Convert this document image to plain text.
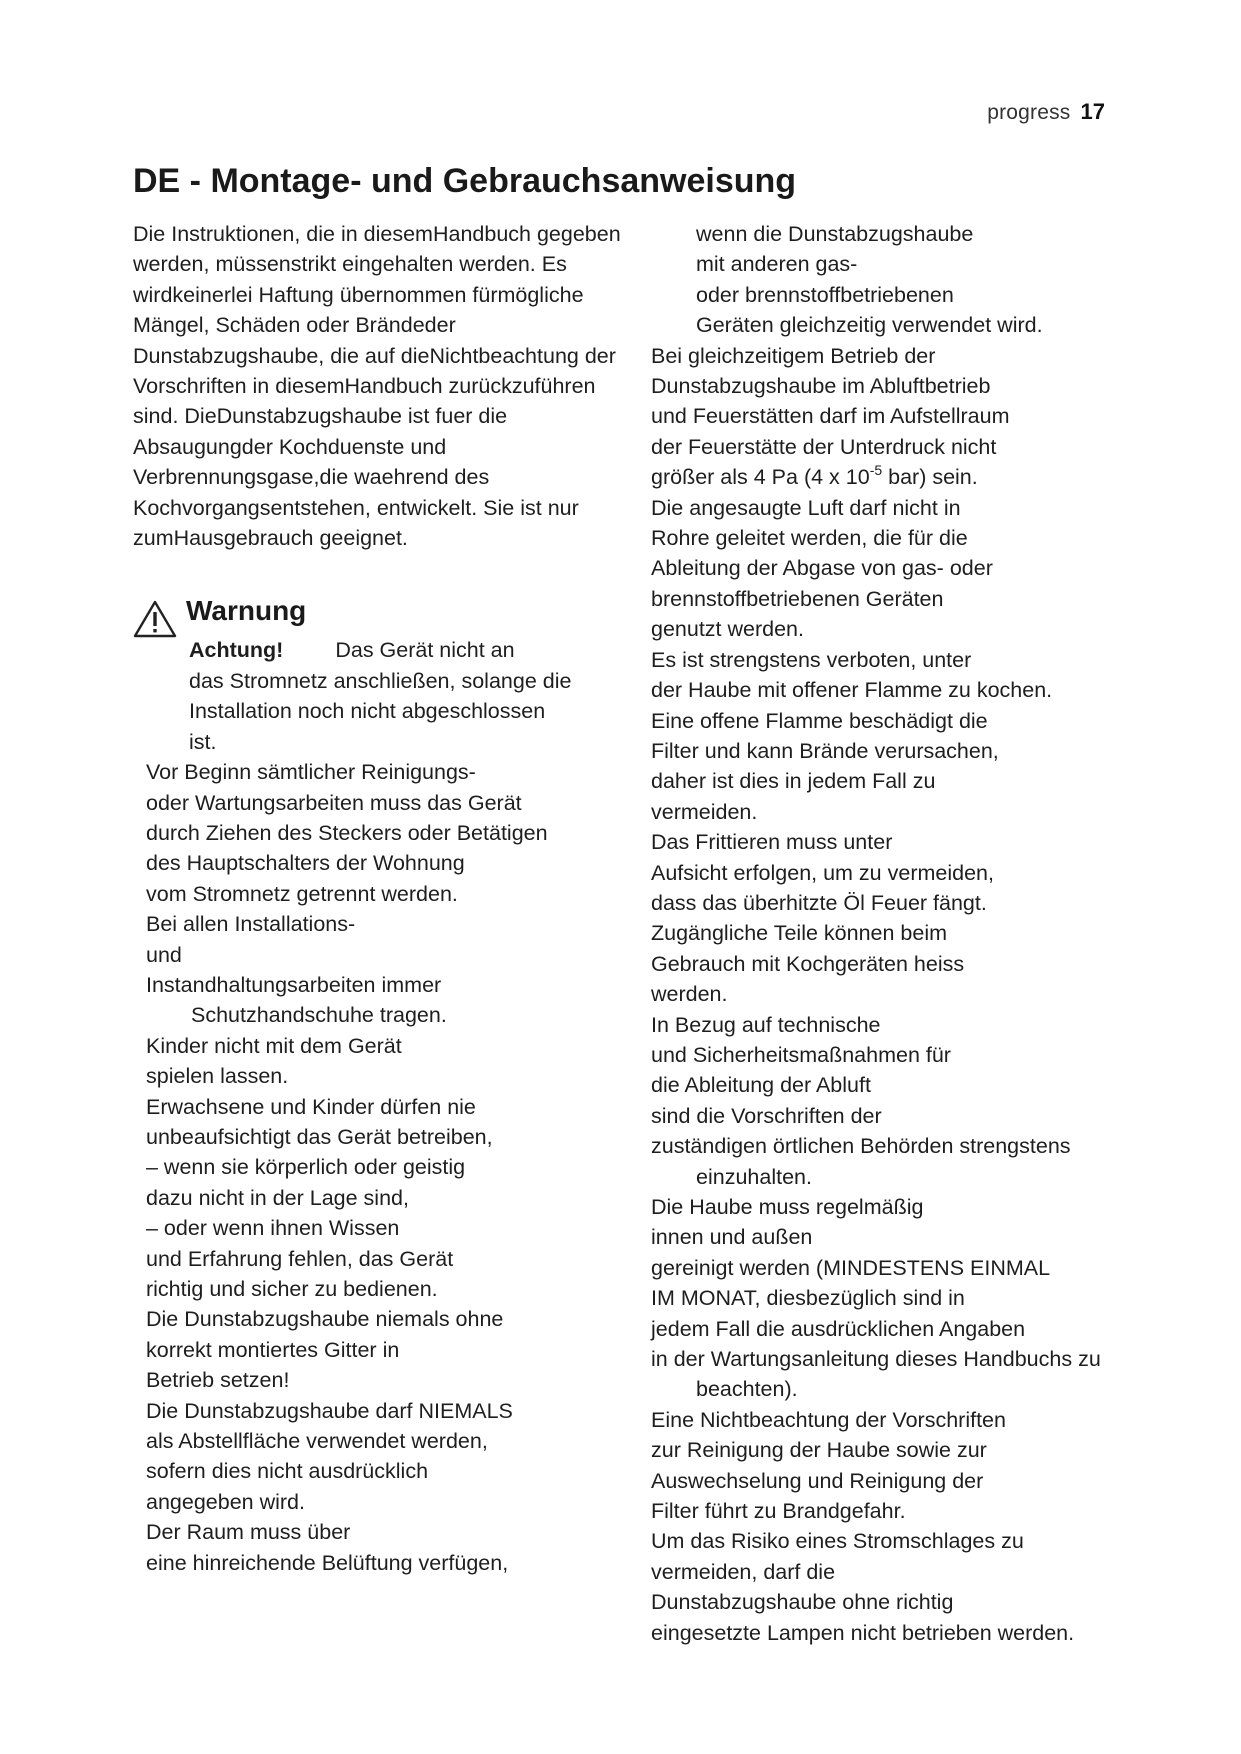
progress 17
DE - Montage- und Gebrauchsanweisung

Die Instruktionen, die in diesemHandbuch gegeben werden, müssenstrikt eingehalten werden. Es wirdkeinerlei Haftung übernommen fürmögliche Mängel, Schäden oder Brändeder Dunstabzugshaube, die auf dieNichtbeachtung der Vorschriften in diesemHandbuch zurückzuführen sind. DieDunstabzugshaube ist fuer die Absaugungder Kochduenste und Verbrennungsgase,die waehrend des Kochvorgangsentstehen, entwickelt. Sie ist nur zumHausgebrauch geeignet.

Warnung

Achtung! Das Gerät nicht an
das Stromnetz anschließen, solange die
Installation noch nicht abgeschlossen
ist.

Vor Beginn sämtlicher Reinigungs-
oder Wartungsarbeiten muss das Gerät
durch Ziehen des Steckers oder Betätigen
des Hauptschalters der Wohnung
vom Stromnetz getrennt werden.

Bei allen Installations-
und
Instandhaltungsarbeiten immer Schutzhandschuhe tragen.

Kinder nicht mit dem Gerät
spielen lassen.

Erwachsene und Kinder dürfen nie
unbeaufsichtigt das Gerät betreiben,

– wenn sie körperlich oder geistig
dazu nicht in der Lage sind,

– oder wenn ihnen Wissen
und Erfahrung fehlen, das Gerät
richtig und sicher zu bedienen.

Die Dunstabzugshaube niemals ohne
korrekt montiertes Gitter in
Betrieb setzen!

Die Dunstabzugshaube darf NIEMALS
als Abstellfläche verwendet werden,
sofern dies nicht ausdrücklich
angegeben wird.

Der Raum muss über
eine hinreichende Belüftung verfügen,

wenn die Dunstabzugshaube
mit anderen gas-
oder brennstoffbetriebenen
Geräten gleichzeitig verwendet wird.

Bei gleichzeitigem Betrieb der
Dunstabzugshaube im Abluftbetrieb
und Feuerstätten darf im Aufstellraum
der Feuerstätte der Unterdruck nicht
größer als 4 Pa (4 x $10^{-5}$ bar) sein.

Die angesaugte Luft darf nicht in
Rohre geleitet werden, die für die
Ableitung der Abgase von gas- oder
brennstoffbetriebenen Geräten
genutzt werden.

Es ist strengstens verboten, unter
der Haube mit offener Flamme zu kochen.

Eine offene Flamme beschädigt die
Filter und kann Brände verursachen,
daher ist dies in jedem Fall zu
vermeiden.

Das Frittieren muss unter
Aufsicht erfolgen, um zu vermeiden,
dass das überhitzte Öl Feuer fängt.

Zugängliche Teile können beim
Gebrauch mit Kochgeräten heiss
werden.

In Bezug auf technische
und Sicherheitsmaßnahmen für
die Ableitung der Abluft
sind die Vorschriften der
zuständigen örtlichen Behörden strengstens einzuhalten.

Die Haube muss regelmäßig
innen und außen
gereinigt werden (MINDESTENS EINMAL
IM MONAT, diesbezüglich sind in
jedem Fall die ausdrücklichen Angaben
in der Wartungsanleitung dieses Handbuchs zu beachten).

Eine Nichtbeachtung der Vorschriften
zur Reinigung der Haube sowie zur
Auswechselung und Reinigung der
Filter führt zu Brandgefahr.

Um das Risiko eines Stromschlages zu
vermeiden, darf die

Dunstabzugshaube ohne richtig
eingesetzte Lampen nicht betrieben werden.
